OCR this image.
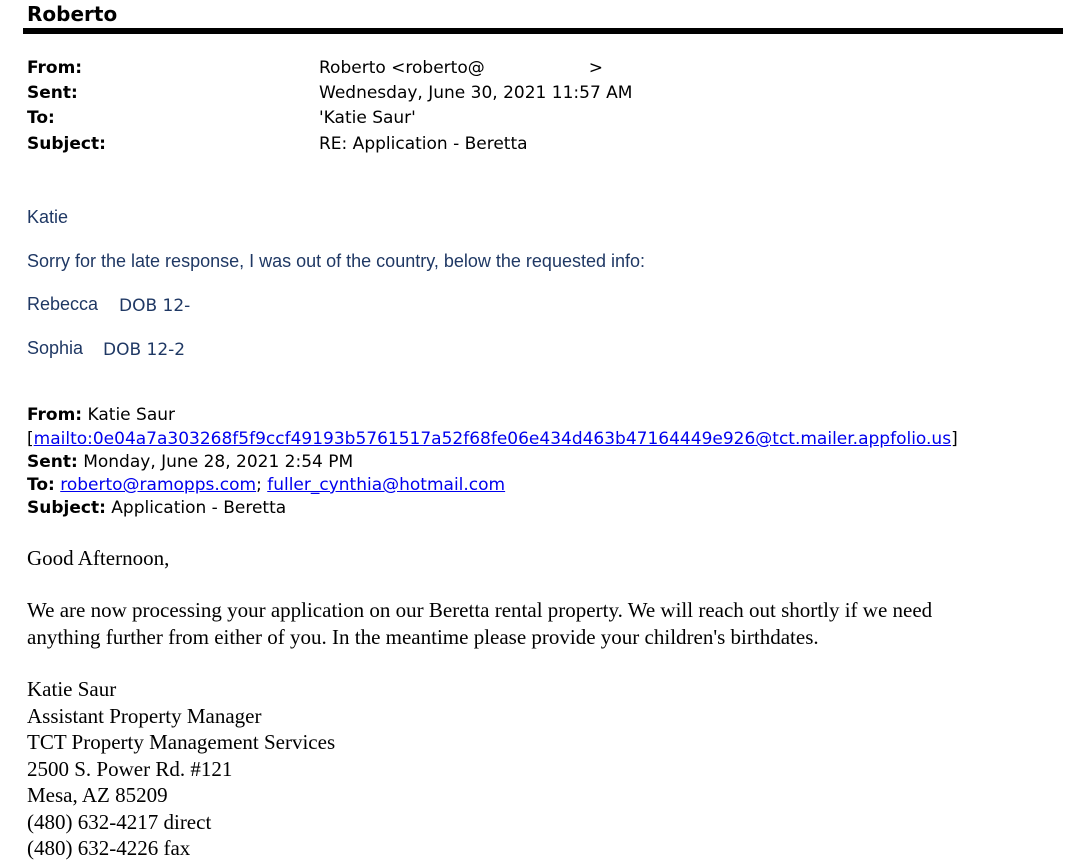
Roberto
From:	Roberto <roberto@	>
Sent:	Wednesday, June 30, 2021 11:57 AM
To:	'Katie Saur'
Subject:	RE: Application - Beretta
Katie
Sorry for the late response, I was out of the country, below the requested info:
Rebecca DOB 12-
Sophia DOB 12-2
From: Katie Saur
[mailto:0e04a7a303268f5f9ccf49193b5761517a52f68fe06e434d463b47164449e926@tct.mailer.appfolio.us]
Sent: Monday, June 28, 2021 2:54 PM
To: roberto@ramopps.com; fuller_cynthia@hotmail.com
Subject: Application - Beretta
Good Afternoon,
We are now processing your application on our Beretta rental property. We will reach out shortly if we need
anything further from either of you. In the meantime please provide your children's birthdates.
Katie Saur
Assistant Property Manager
TCT Property Management Services
2500 S. Power Rd. #121
Mesa, AZ 85209
(480) 632-4217 direct
(480) 632-4226 fax
